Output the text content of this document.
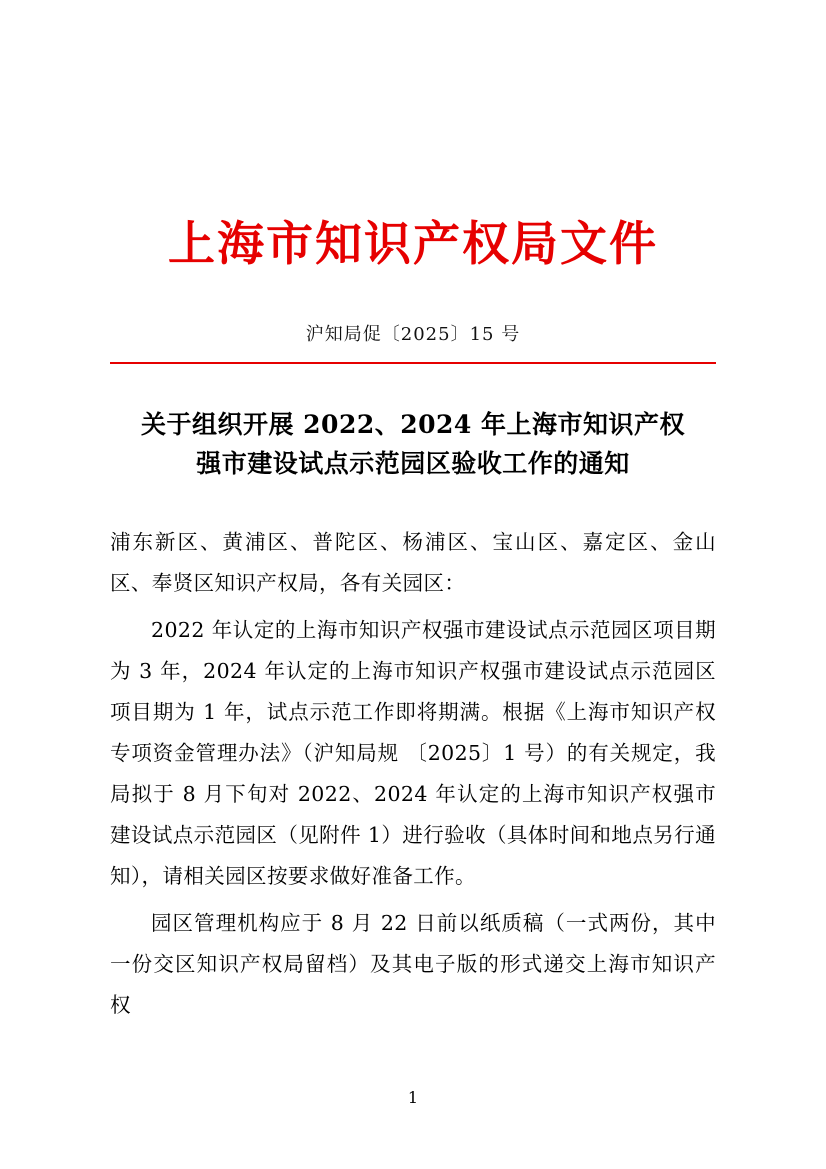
上海市知识产权局文件
沪知局促〔2025〕15 号
关于组织开展 2022、2024 年上海市知识产权
强市建设试点示范园区验收工作的通知
浦东新区、黄浦区、普陀区、杨浦区、宝山区、嘉定区、金山区、奉贤区知识产权局，各有关园区：
2022 年认定的上海市知识产权强市建设试点示范园区项目期为 3 年，2024 年认定的上海市知识产权强市建设试点示范园区项目期为 1 年，试点示范工作即将期满。根据《上海市知识产权专项资金管理办法》（沪知局规 〔2025〕1 号）的有关规定，我局拟于 8 月下旬对 2022、2024 年认定的上海市知识产权强市建设试点示范园区（见附件 1）进行验收（具体时间和地点另行通知），请相关园区按要求做好准备工作。
园区管理机构应于 8 月 22 日前以纸质稿（一式两份，其中一份交区知识产权局留档）及其电子版的形式递交上海市知识产权
1
